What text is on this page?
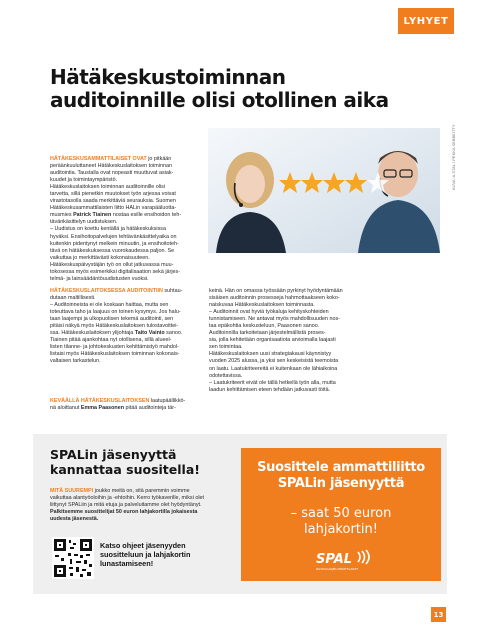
LYHYET
Hätäkeskustoiminnan
auditoinnille olisi otollinen aika

HÄTÄKESKUSAMMATTILAISET OVAT jo pitkään

peräänkuuluttaneet Hätäkeskuslaitoksen toiminnan

auditointia. Taustalla ovat nopeasti muuttuvat asiak-

kuudet ja toimintaympäristö.

Hätäkeskuslaitoksen toiminnan auditoinnille olisi

tarvetta, sillä pienetkin muutokset työn arjessa voivat

virastotasolla saada merkittäviä seurauksia. Suomen

Hätäkeskusammattilaisten liitto HALin varapääluotta-

musmies Patrick Tiainen nostaa esille ensihoidon teh-

tävänkäsittelyn uudistuksen.

– Uudistus on koettu kentällä ja hätäkeskuksissa

hyväksi. Ensihoitopalvelujen tehtävänkäsittelyaika on

kuitenkin pidentynyt melkein minuutin, ja ensihoitoteh-

tävä on hätäkeskuksessa vuorokaudessa paljon. Se

vaikuttaa jo merkittävästi kokonaisuuteen.

Hätäkeskuspäivystäjän työ on ollut jatkuvassa muu-

tokosessa myös esimerkiksi digitalisaation sekä järjes-

telmä- ja lainsäädäntöuudistusten vuoksi.

HÄTÄKESKUSLAITOKSESSA AUDITOINTIIN suhtau-

dutaan maltillisesti.

– Auditoinneista ei ole koskaan haittaa, mutta sen

toteuttava taho ja laajuus on toinen kysymys. Jos halu-

taan laajempi ja ulkopuolisen tekemä auditointi, sen

pitäisi näkyä myös Hätäkeskuslaitoksen tulostavoittei-

ssa. Hätäkeskuslaitoksen ylijohtaja Taito Vainio sanoo.

Tiainen pitää ajankohtaa nyt otollisena, sillä alueel-

listen tilanne- ja johtokeskusten kehittämistyö mahdol-

listaisi myös Hätäkeskuslaitoksen toiminnan kokonais-

valtaisen tarkastelun.

KEVÄÄLLÄ HÄTÄKESKUSLAITOKSEN laatupäällikkö-

nä aloittanut Emma Paasonen pitää auditointeja tär-

keinä. Hän on omassa työssään pyrkinyt hyödyntämään

sisäisen auditoinnin prosesseja hahmottaakseen koko-

naiskuvaa Hätäkeskuslaitoksen toiminnasta.

– Auditoinnit ovat hyviä työkaluja kehityskohteiden

tunnistamiseen. Ne antavat myös mahdollisuuden nos-

taa epäkohtia keskusteluun, Paasonen sanoo.

Auditoinnilla tarkoitetaan järjestelmällistä proses-

sia, jolla kehitetään organisaatiota arvioimalla laajasti

sen toimintaa.

Hätäkeskuslaitoksen uusi strategiakausi käynnistyy

vuoden 2025 alussa, ja yksi sen keskeisistä teemoista

on laatu. Laatukriteereitä ei kuitenkaan ole lähiaikoina

odotettavissa.

– Laatukriteerit eivät ole tällä hetkellä työn alla, mutta

laadun kehittämisen eteen tehdään jatkuvasti töitä.

KUVA: A.STAL / PEKKA SEBBEITTY
SPALin jäsenyyttä
kannattaa suositella!

MITÄ SUUREMPI joukko meitä on, sitä paremmin voimme

vaikuttaa alantyöoloihin ja -ehtoihin. Kerro työkaverille, miksi olet

liittynyt SPALiin ja mitä etuja ja palveluitamme olet hyödyntänyt.

Palkitsemme suosittelijat 50 euron lahjakortilla jokaisesta

uudesta jäsenestä.

Katso ohjeet jäsenyyden
suositteluun ja lahjakortin
lunastamiseen!
Suosittele ammattiliitto
SPALin jäsenyyttä
– saat 50 euron
lahjakortin!
SPAL
PALVELUALOJEN AMMATTILAISET
13
